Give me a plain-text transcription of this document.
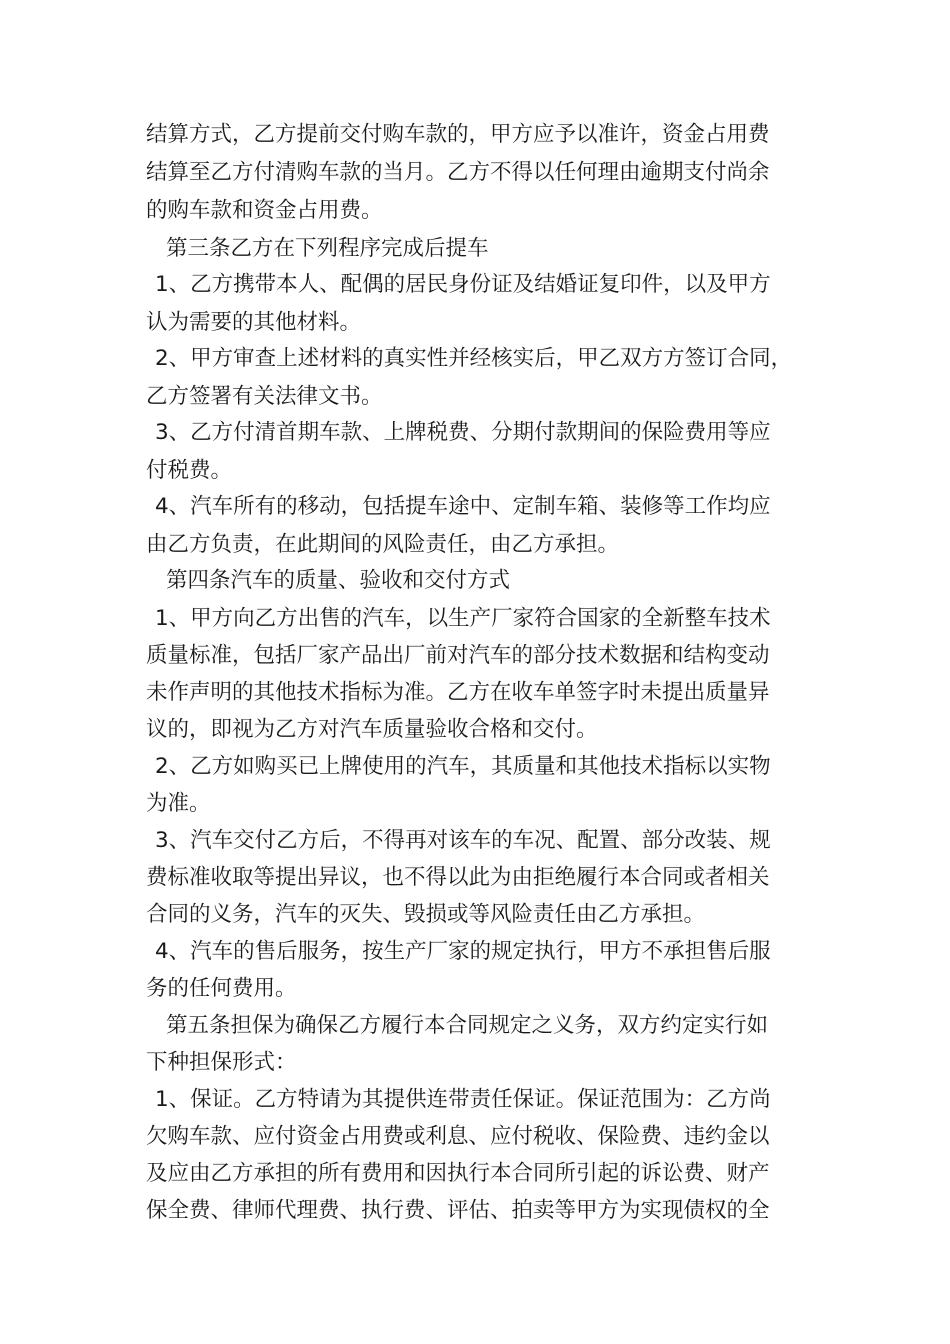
结算方式，乙方提前交付购车款的，甲方应予以准许，资金占用费
结算至乙方付清购车款的当月。乙方不得以任何理由逾期支付尚余
的购车款和资金占用费。
第三条乙方在下列程序完成后提车
1、乙方携带本人、配偶的居民身份证及结婚证复印件，以及甲方
认为需要的其他材料。
2、甲方审查上述材料的真实性并经核实后，甲乙双方方签订合同，
乙方签署有关法律文书。
3、乙方付清首期车款、上牌税费、分期付款期间的保险费用等应
付税费。
4、汽车所有的移动，包括提车途中、定制车箱、装修等工作均应
由乙方负责，在此期间的风险责任，由乙方承担。
第四条汽车的质量、验收和交付方式
1、甲方向乙方出售的汽车，以生产厂家符合国家的全新整车技术
质量标准，包括厂家产品出厂前对汽车的部分技术数据和结构变动
未作声明的其他技术指标为准。乙方在收车单签字时未提出质量异
议的，即视为乙方对汽车质量验收合格和交付。
2、乙方如购买已上牌使用的汽车，其质量和其他技术指标以实物
为准。
3、汽车交付乙方后，不得再对该车的车况、配置、部分改装、规
费标准收取等提出异议，也不得以此为由拒绝履行本合同或者相关
合同的义务，汽车的灭失、毁损或等风险责任由乙方承担。
4、汽车的售后服务，按生产厂家的规定执行，甲方不承担售后服
务的任何费用。
第五条担保为确保乙方履行本合同规定之义务，双方约定实行如
下种担保形式：
1、保证。乙方特请为其提供连带责任保证。保证范围为：乙方尚
欠购车款、应付资金占用费或利息、应付税收、保险费、违约金以
及应由乙方承担的所有费用和因执行本合同所引起的诉讼费、财产
保全费、律师代理费、执行费、评估、拍卖等甲方为实现债权的全
